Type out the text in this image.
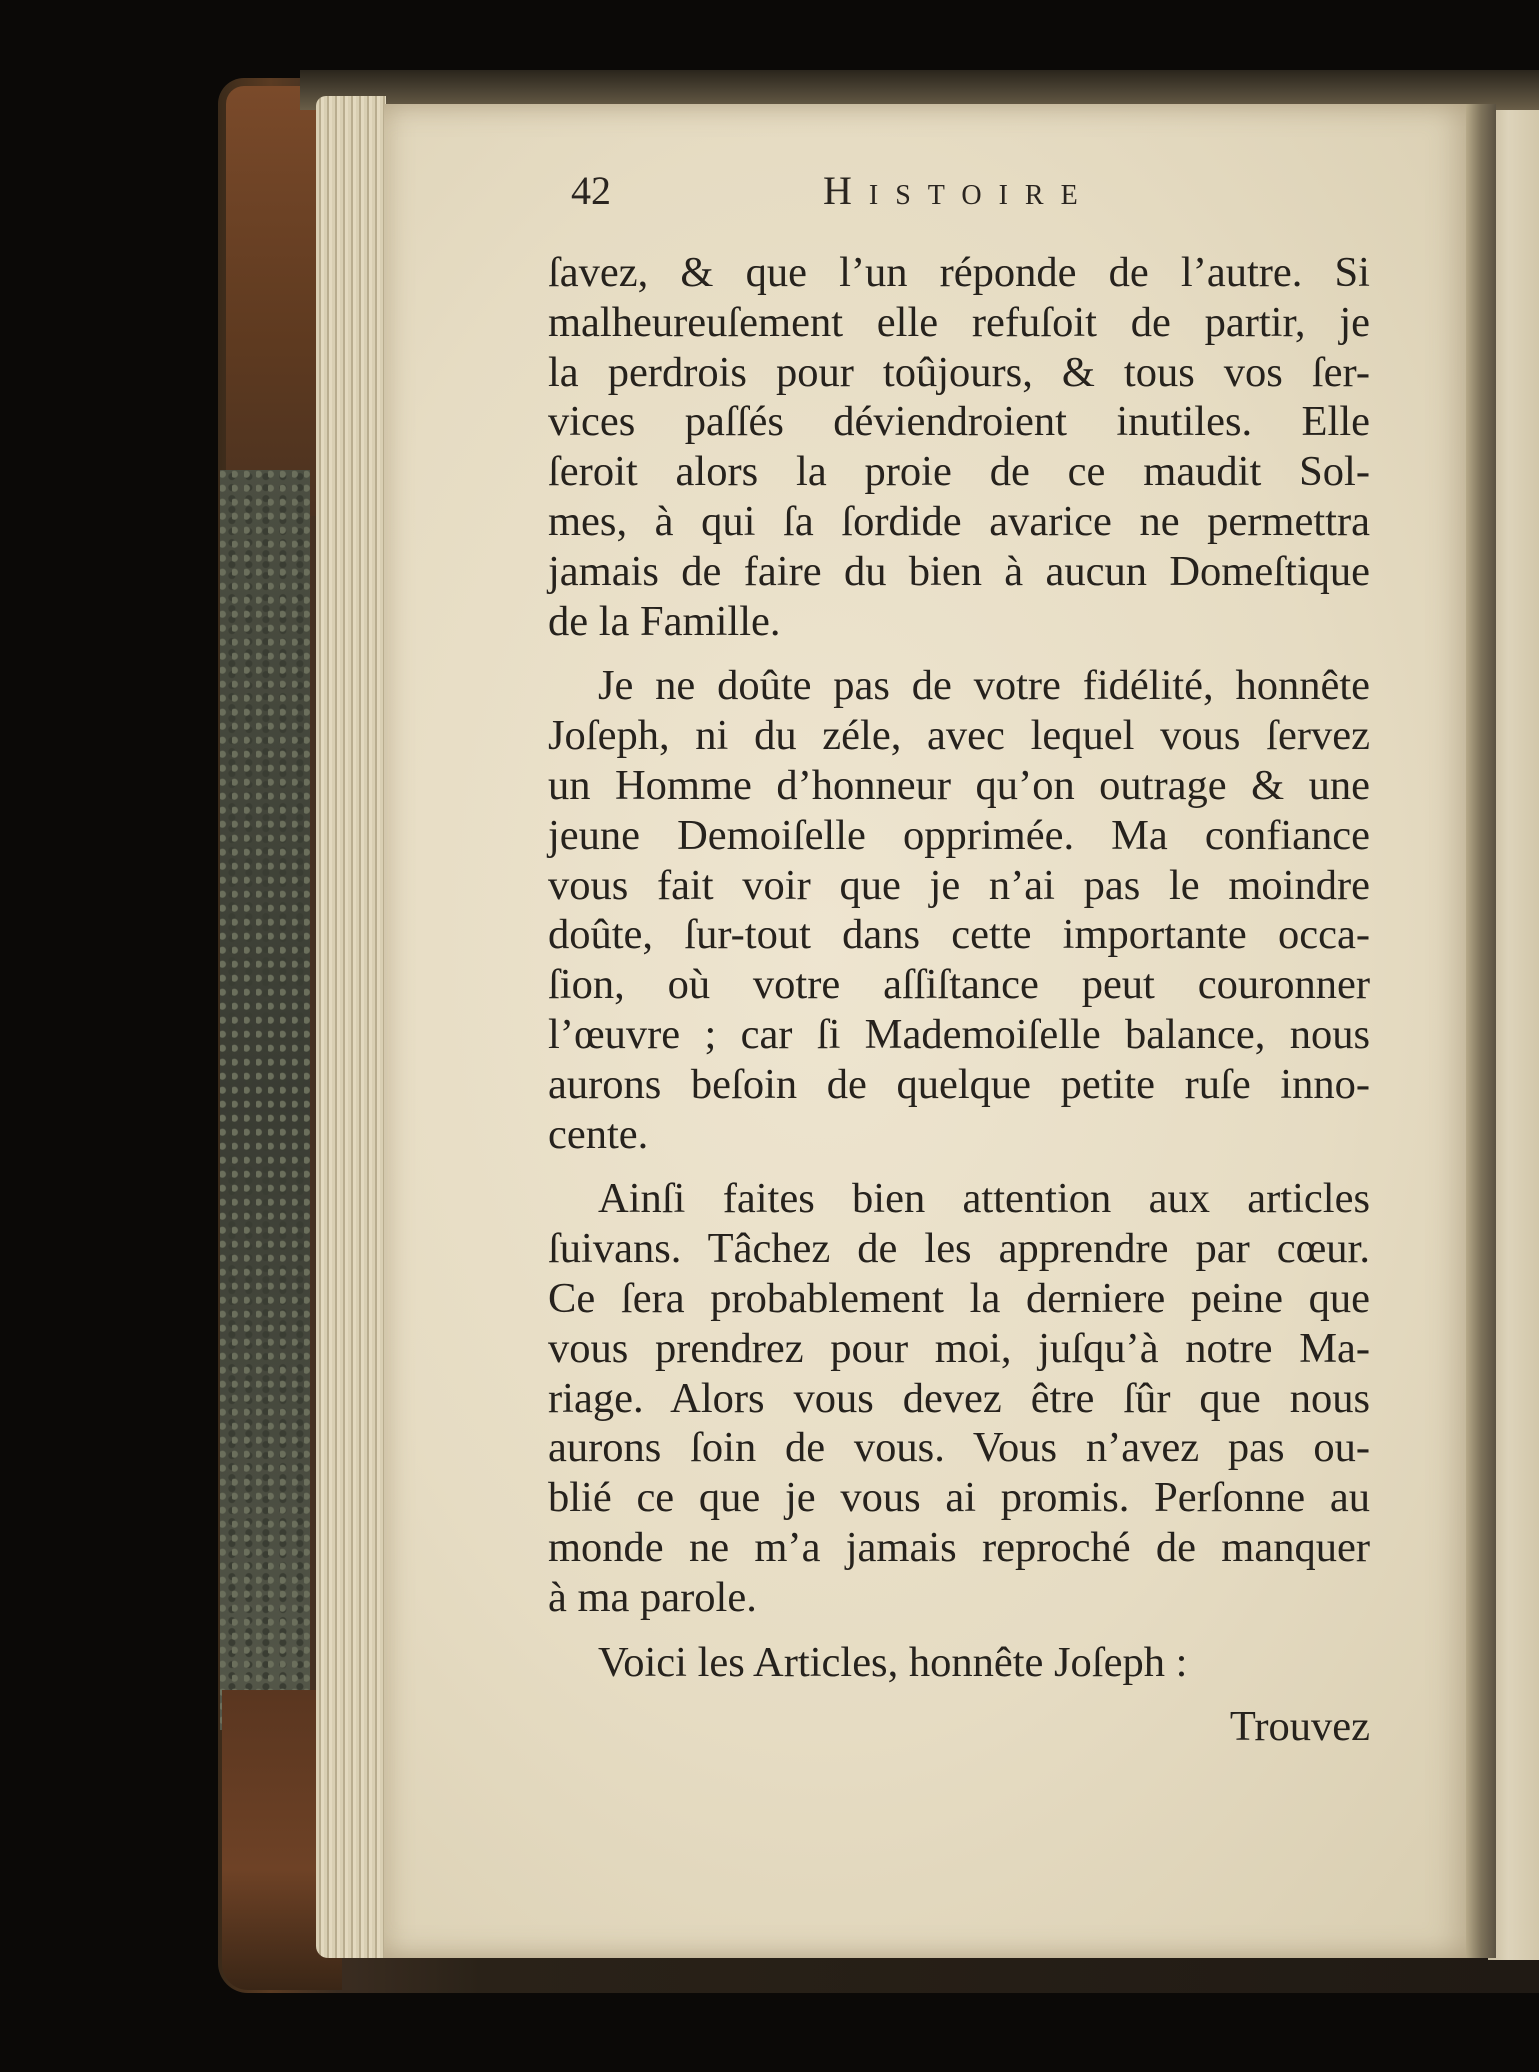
42	Histoire

ſavez, & que l’un réponde de l’autre. Si
malheureuſement elle refuſoit de partir, je
la perdrois pour toûjours, & tous vos ſer-
vices paſſés déviendroient inutiles. Elle
ſeroit alors la proie de ce maudit Sol-
mes, à qui ſa ſordide avarice ne permettra
jamais de faire du bien à aucun Domeſtique
de la Famille.
Je ne doûte pas de votre fidélité, honnête
Joſeph, ni du zéle, avec lequel vous ſervez
un Homme d’honneur qu’on outrage & une
jeune Demoiſelle opprimée. Ma confiance
vous fait voir que je n’ai pas le moindre
doûte, ſur-tout dans cette importante occa-
ſion, où votre aſſiſtance peut couronner
l’œuvre ; car ſi Mademoiſelle balance, nous
aurons beſoin de quelque petite ruſe inno-
cente.
Ainſi faites bien attention aux articles
ſuivans. Tâchez de les apprendre par cœur.
Ce ſera probablement la derniere peine que
vous prendrez pour moi, juſqu’à notre Ma-
riage. Alors vous devez être ſûr que nous
aurons ſoin de vous. Vous n’avez pas ou-
blié ce que je vous ai promis. Perſonne au
monde ne m’a jamais reproché de manquer
à ma parole.
Voici les Articles, honnête Joſeph :
Trouvez
